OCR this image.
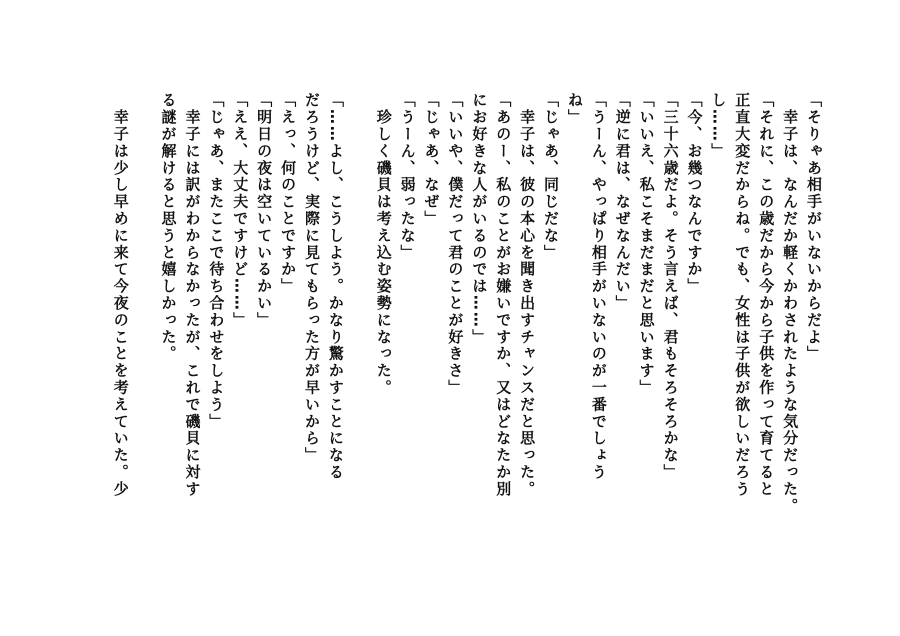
「そりゃあ相手がいないからだよ」
　幸子は、なんだか軽くかわされたような気分だった。
「それに、この歳だから今から子供を作って育てると
正直大変だからね。でも、女性は子供が欲しいだろう
し……」
「今、お幾つなんですか」
「三十六歳だよ。そう言えば、君もそろそろかな」
「いいえ、私こそまだまだと思います」
「逆に君は、なぜなんだい」
「うーん、やっぱり相手がいないのが一番でしょう
ね」
「じゃあ、同じだな」
　幸子は、彼の本心を聞き出すチャンスだと思った。
「あのー、私のことがお嫌いですか、又はどなたか別
にお好きな人がいるのでは……」
「いいや、僕だって君のことが好きさ」
「じゃあ、なぜ」
「うーん、弱ったな」
　珍しく磯貝は考え込む姿勢になった。

「……よし、こうしよう。かなり驚かすことになる
だろうけど、実際に見てもらった方が早いから」
「えっ、何のことですか」
「明日の夜は空いているかい」
「ええ、大丈夫ですけど……」
「じゃあ、またここで待ち合わせをしよう」
　幸子には訳がわからなかったが、これで磯貝に対す
る謎が解けると思うと嬉しかった。

　幸子は少し早めに来て今夜のことを考えていた。少
